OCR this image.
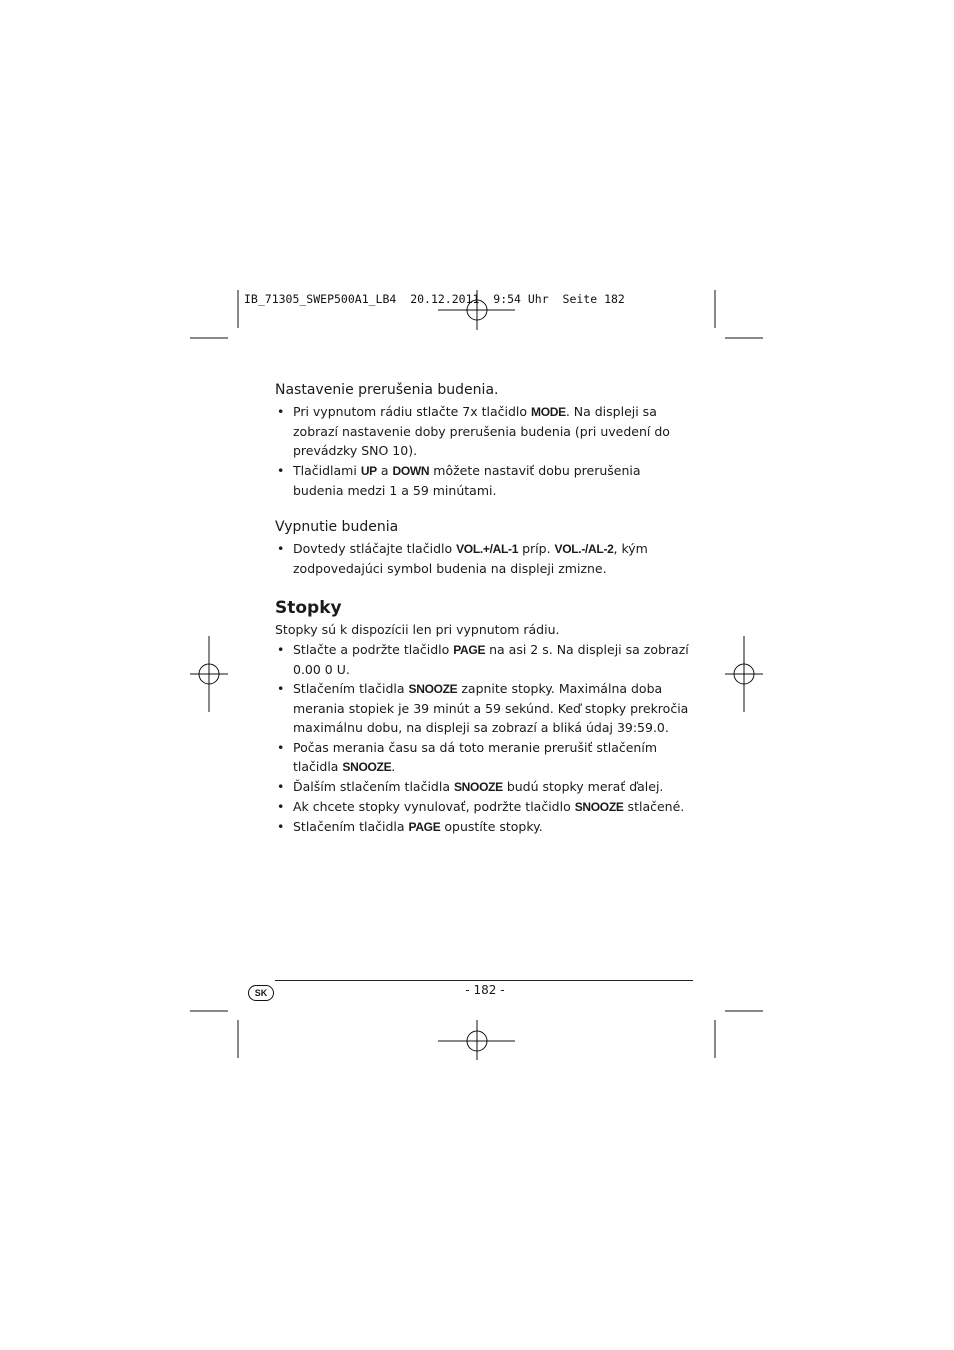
IB_71305_SWEP500A1_LB4 20.12.2011  9:54 Uhr Seite 182
Nastavenie prerušenia budenia.
• Pri vypnutom rádiu stlačte 7x tlačidlo MODE. Na displeji sa zobrazí nastavenie doby prerušenia budenia (pri uvedení do prevádzky SNO 10).
• Tlačidlami UP a DOWN môžete nastaviť dobu prerušenia budenia medzi 1 a 59 minútami.
Vypnutie budenia
• Dovtedy stláčajte tlačidlo VOL.+/AL-1 príp. VOL.-/AL-2, kým zodpovedajúci symbol budenia na displeji zmizne.
Stopky

Stopky sú k dispozícii len pri vypnutom rádiu.

• Stlačte a podržte tlačidlo PAGE na asi 2 s. Na displeji sa zobrazí 0.00 0 U.
• Stlačením tlačidla SNOOZE zapnite stopky. Maximálna doba merania stopiek je 39 minút a 59 sekúnd. Keď stopky prekročia maximálnu dobu, na displeji sa zobrazí a bliká údaj 39:59.0.
• Počas merania času sa dá toto meranie prerušiť stlačením tlačidla SNOOZE.
• Ďalším stlačením tlačidla SNOOZE budú stopky merať ďalej.
• Ak chcete stopky vynulovať, podržte tlačidlo SNOOZE stlačené.
• Stlačením tlačidla PAGE opustíte stopky.
SK	- 182 -
